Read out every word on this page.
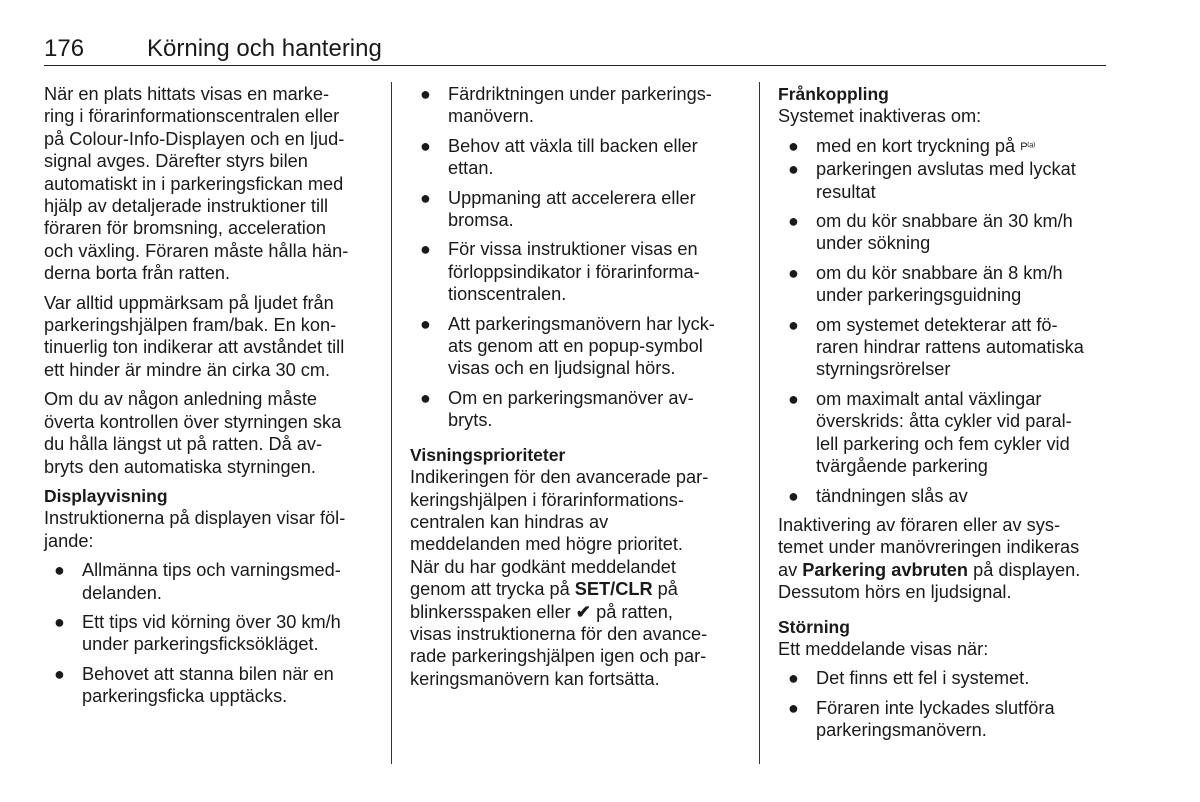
176	Körning och hantering

När en plats hittats visas en marke-
ring i förarinformationscentralen eller
på Colour-Info-Displayen och en ljud-
signal avges. Därefter styrs bilen
automatiskt in i parkeringsfickan med
hjälp av detaljerade instruktioner till
föraren för bromsning, acceleration
och växling. Föraren måste hålla hän-
derna borta från ratten.

Var alltid uppmärksam på ljudet från
parkeringshjälpen fram/bak. En kon-
tinuerlig ton indikerar att avståndet till
ett hinder är mindre än cirka 30 cm.

Om du av någon anledning måste
överta kontrollen över styrningen ska
du hålla längst ut på ratten. Då av-
bryts den automatiska styrningen.

Displayvisning

Instruktionerna på displayen visar föl-
jande:

● Allmänna tips och varningsmed-
delanden.
● Ett tips vid körning över 30 km/h
under parkeringsficksökläget.
● Behovet att stanna bilen när en
parkeringsficka upptäcks.
● Färdriktningen under parkerings-
manövern.
● Behov att växla till backen eller
ettan.
● Uppmaning att accelerera eller
bromsa.
● För vissa instruktioner visas en
förloppsindikator i förarinforma-
tionscentralen.
● Att parkeringsmanövern har lyck-
ats genom att en popup-symbol
visas och en ljudsignal hörs.
● Om en parkeringsmanöver av-
bryts.
Visningsprioriteter

Indikeringen för den avancerade par-
keringshjälpen i förarinformations-
centralen kan hindras av
meddelanden med högre prioritet.
När du har godkänt meddelandet
genom att trycka på SET/CLR på
blinkersspaken eller ✔ på ratten,
visas instruktionerna för den avance-
rade parkeringshjälpen igen och par-
keringsmanövern kan fortsätta.

Frånkoppling

Systemet inaktiveras om:

● med en kort tryckning på P⁽ᵃ⁾
● parkeringen avslutas med lyckat
resultat
● om du kör snabbare än 30 km/h
under sökning
● om du kör snabbare än 8 km/h
under parkeringsguidning
● om systemet detekterar att fö-
raren hindrar rattens automatiska
styrningsrörelser
● om maximalt antal växlingar
överskrids: åtta cykler vid paral-
lell parkering och fem cykler vid
tvärgående parkering
● tändningen slås av

Inaktivering av föraren eller av sys-
temet under manövreringen indikeras
av Parkering avbruten på displayen.
Dessutom hörs en ljudsignal.

Störning

Ett meddelande visas när:

● Det finns ett fel i systemet.
● Föraren inte lyckades slutföra
parkeringsmanövern.
